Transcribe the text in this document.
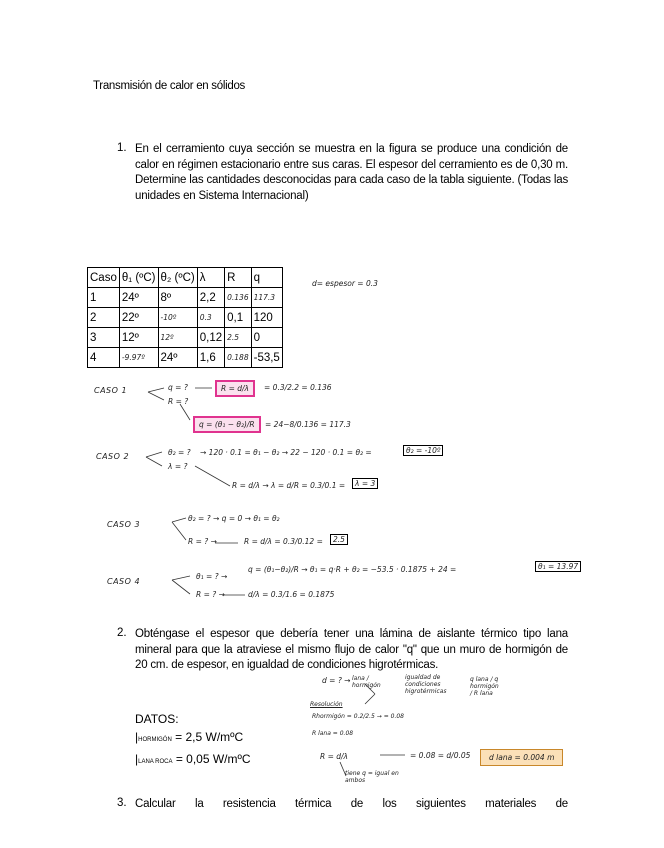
Transmisión de calor en sólidos
1. En el cerramiento cuya sección se muestra en la figura se produce una condición de calor en régimen estacionario entre sus caras. El espesor del cerramiento es de 0,30 m. Determine las cantidades desconocidas para cada caso de la tabla siguiente. (Todas las unidades en Sistema Internacional)
Caso	θ₁ (ºC)	θ₂ (ºC)	λ	R	q
1	24º	8º	2,2	0.136	117.3
2	22º	-10º	0.3	0,1	120
3	12º	12º	0,12	2.5	0
4	-9.97º	24º	1,6	0.188	-53,5
d= espesor = 0.3
CASO 1	q = ?
R = ?
R = d/λ	= 0.3/2.2 = 0.136
q = (θ₁ − θ₂)/R	= 24−8/0.136 = 117.3
CASO 2	θ₂ = ?
λ = ?
→ 120 · 0.1 = θ₁ − θ₂ → 22 − 120 · 0.1 = θ₂ =	θ₂ = -10º
R = d/λ → λ = d/R = 0.3/0.1 =	λ = 3
CASO 3
θ₂ = ? → q = 0 → θ₁ = θ₂
R = ? →	R = d/λ = 0.3/0.12 =	2.5
CASO 4
θ₁ = ? →
q = (θ₁−θ₂)/R → θ₁ = q·R + θ₂ = −53.5 · 0.1875 + 24 =	θ₁ = 13.97
R = ? →	d/λ = 0.3/1.6 = 0.1875
2. Obténgase el espesor que debería tener una lámina de aislante térmico tipo lana mineral para que la atraviese el mismo flujo de calor "q" que un muro de hormigón de 20 cm. de espesor, en igualdad de condiciones higrotérmicas.
d = ? → lana / hormigón
igualdad de condiciones higrotérmicas
q lana / q hormigón / R lana
Resolución
Rhormigón = 0.2/2.5 → = 0.08
R lana = 0.08
R = d/λ	= 0.08 = d/0.05	d lana = 0.004 m
tiene q = igual en ambos
DATOS:
|HORMIGÓN = 2,5 W/mºC
|LANA ROCA = 0,05 W/mºC
3. Calcular la resistencia térmica de los siguientes materiales de
